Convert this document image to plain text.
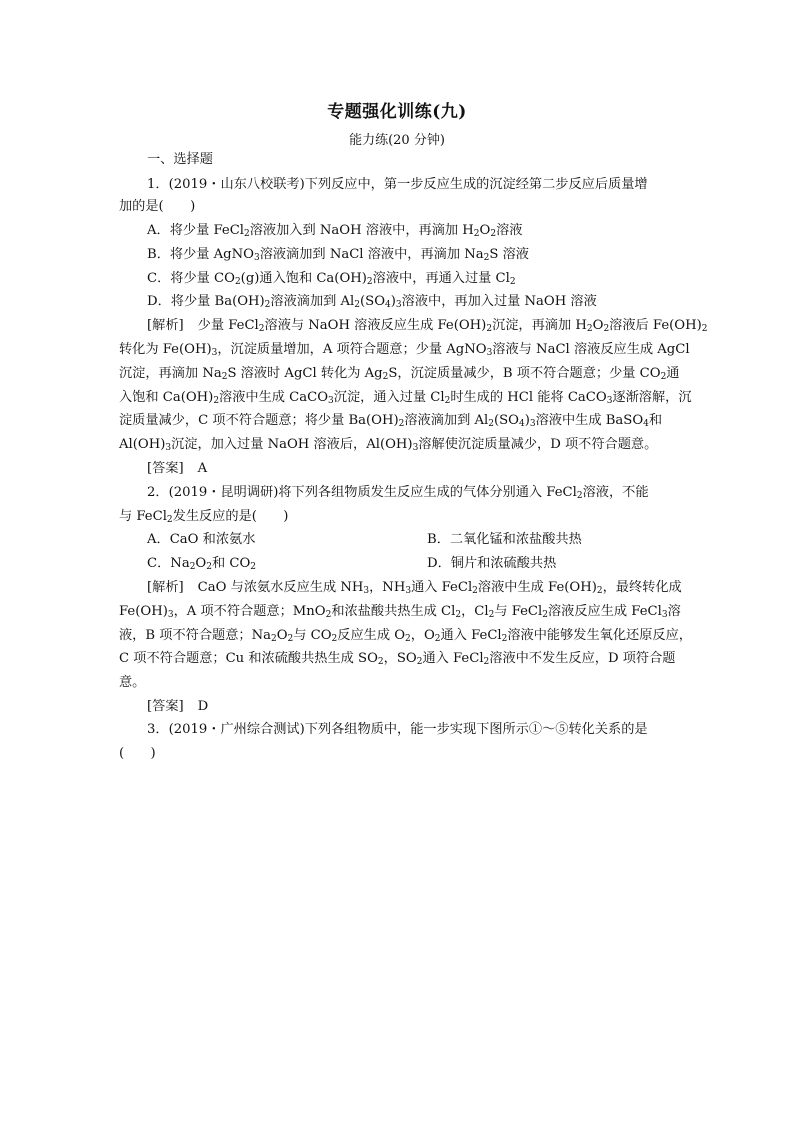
专题强化训练(九)
能力练(20 分钟)
一、选择题
1．(2019・山东八校联考)下列反应中，第一步反应生成的沉淀经第二步反应后质量增
加的是(　　)
A．将少量 FeCl$_2$溶液加入到 NaOH 溶液中，再滴加 $H_2O_2$溶液
B．将少量 AgNO$_3$溶液滴加到 NaCl 溶液中，再滴加 $Na_2S$ 溶液
C．将少量 $CO_2(g)$通入饱和 $Ca(OH)_2$溶液中，再通入过量 $Cl_2$
D．将少量 $Ba(OH)_2$溶液滴加到 $Al_2(SO_4)_3$溶液中，再加入过量 NaOH 溶液
[解析] 少量 FeCl$_2$溶液与 NaOH 溶液反应生成 $Fe(OH)_2$沉淀，再滴加 $H_2O_2$溶液后 $Fe(OH)_2$
转化为 $Fe(OH)_3$，沉淀质量增加，A 项符合题意；少量 AgNO$_3$溶液与 NaCl 溶液反应生成 AgCl
沉淀，再滴加 $Na_2S$ 溶液时 AgCl 转化为 $Ag_2S$，沉淀质量减少，B 项不符合题意；少量 $CO_2$通
入饱和 $Ca(OH)_2$溶液中生成 CaCO$_3$沉淀，通入过量 $Cl_2$时生成的 HCl 能将 CaCO$_3$逐渐溶解，沉
淀质量减少，C 项不符合题意；将少量 $Ba(OH)_2$溶液滴加到 $Al_2(SO_4)_3$溶液中生成 BaSO$_4$和
$Al(OH)_3$沉淀，加入过量 NaOH 溶液后，$Al(OH)_3$溶解使沉淀质量减少，D 项不符合题意。
[答案] A
2．(2019・昆明调研)将下列各组物质发生反应生成的气体分别通入 FeCl$_2$溶液，不能
与 FeCl$_2$发生反应的是(　　)
A．CaO 和浓氨水	B．二氧化锰和浓盐酸共热
C．$Na_2O_2$和 $CO_2$	D．铜片和浓硫酸共热
[解析] CaO 与浓氨水反应生成 $NH_3$，$NH_3$通入 FeCl$_2$溶液中生成 $Fe(OH)_2$，最终转化成
$Fe(OH)_3$，A 项不符合题意；MnO$_2$和浓盐酸共热生成 $Cl_2$，$Cl_2$与 FeCl$_2$溶液反应生成 FeCl$_3$溶
液，B 项不符合题意；$Na_2O_2$与 $CO_2$反应生成 $O_2$，$O_2$通入 FeCl$_2$溶液中能够发生氧化还原反应，
C 项不符合题意；Cu 和浓硫酸共热生成 $SO_2$，$SO_2$通入 FeCl$_2$溶液中不发生反应，D 项符合题
意。
[答案] D
3．(2019・广州综合测试)下列各组物质中，能一步实现下图所示①～⑤转化关系的是
(　　)
